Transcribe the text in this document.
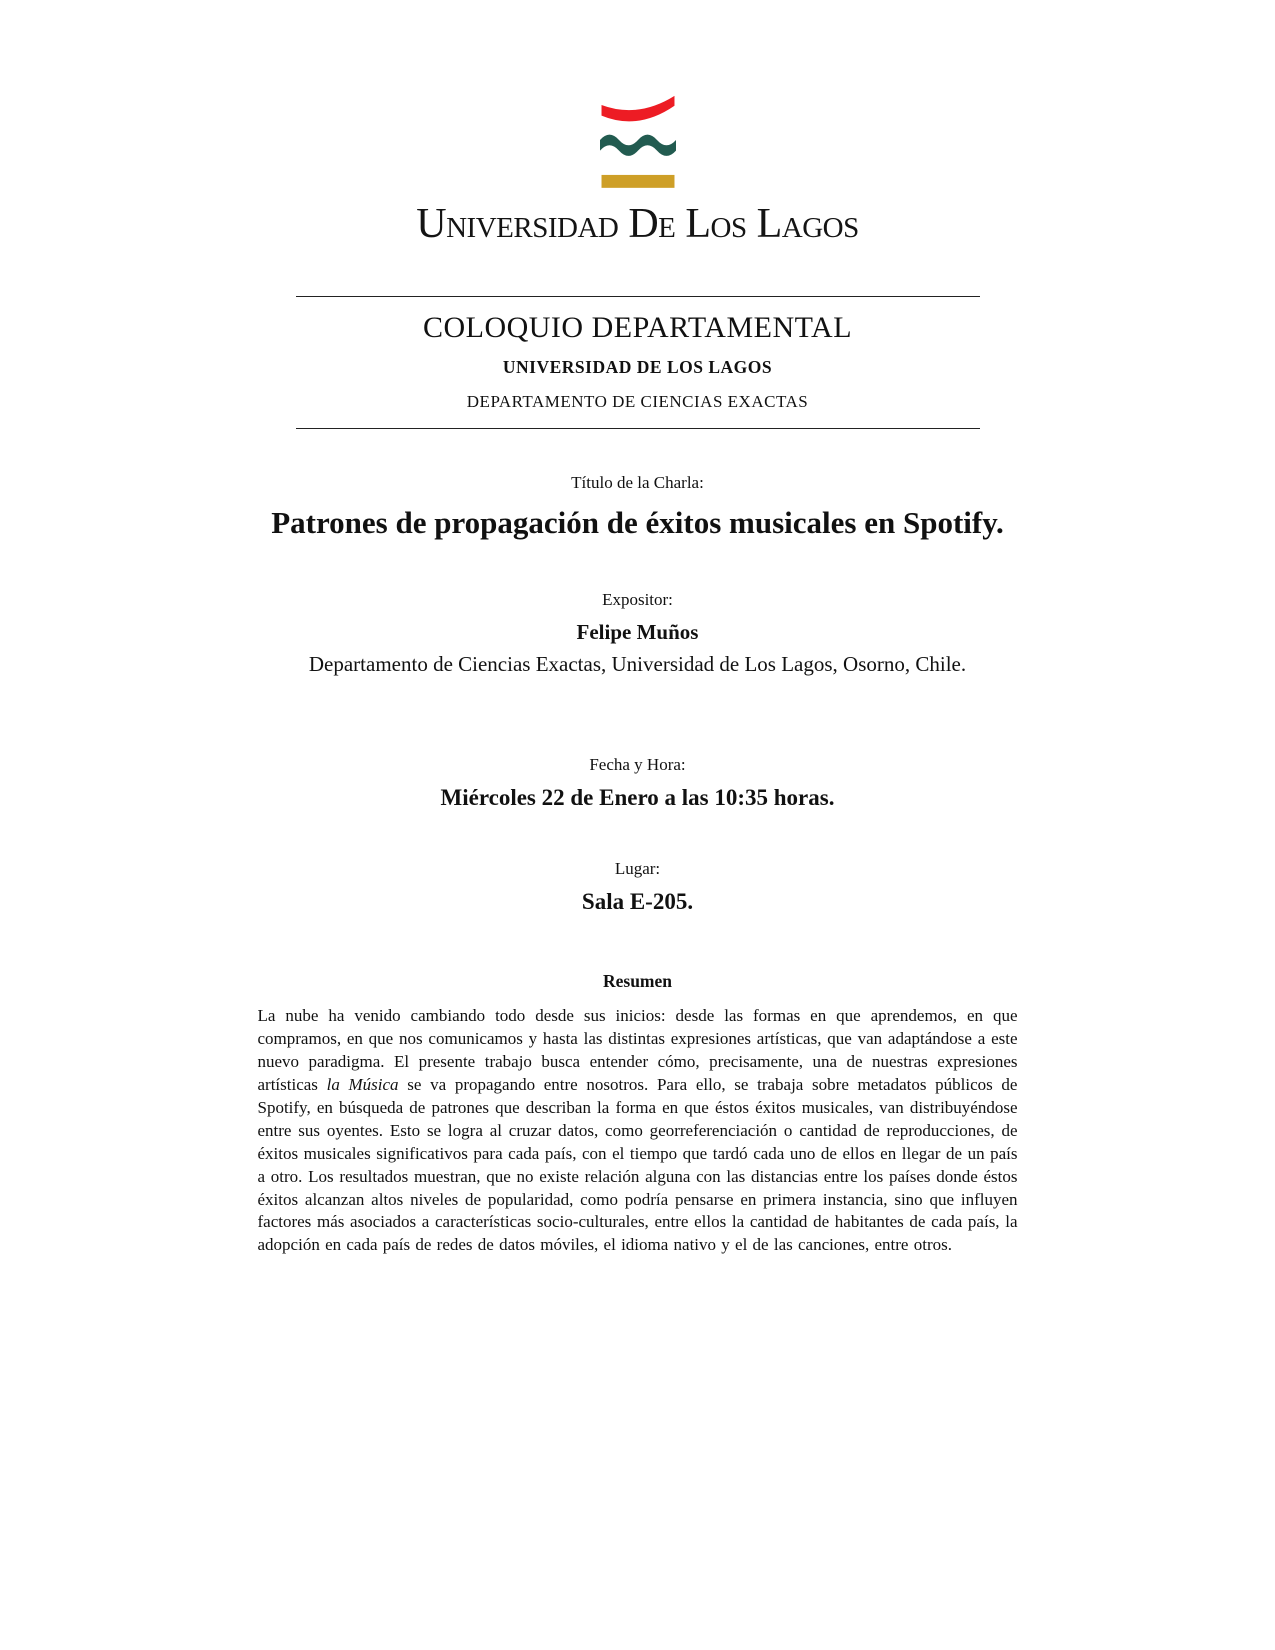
Universidad De Los Lagos
COLOQUIO DEPARTAMENTAL
UNIVERSIDAD DE LOS LAGOS
DEPARTAMENTO DE CIENCIAS EXACTAS
Título de la Charla:
Patrones de propagación de éxitos musicales en Spotify.
Expositor:
Felipe Muños
Departamento de Ciencias Exactas, Universidad de Los Lagos, Osorno, Chile.
Fecha y Hora:
Miércoles 22 de Enero a las 10:35 horas.
Lugar:
Sala E-205.
Resumen

La nube ha venido cambiando todo desde sus inicios: desde las formas en que aprendemos, en que compramos, en que nos comunicamos y hasta las distintas expresiones artísticas, que van adaptándose a este nuevo paradigma. El presente trabajo busca entender cómo, precisamente, una de nuestras expresiones artísticas la Música se va propagando entre nosotros. Para ello, se trabaja sobre metadatos públicos de Spotify, en búsqueda de patrones que describan la forma en que éstos éxitos musicales, van distribuyéndose entre sus oyentes. Esto se logra al cruzar datos, como georreferenciación o cantidad de reproducciones, de éxitos musicales significativos para cada país, con el tiempo que tardó cada uno de ellos en llegar de un país a otro. Los resultados muestran, que no existe relación alguna con las distancias entre los países donde éstos éxitos alcanzan altos niveles de popularidad, como podría pensarse en primera instancia, sino que influyen factores más asociados a características socio-culturales, entre ellos la cantidad de habitantes de cada país, la adopción en cada país de redes de datos móviles, el idioma nativo y el de las canciones, entre otros.
